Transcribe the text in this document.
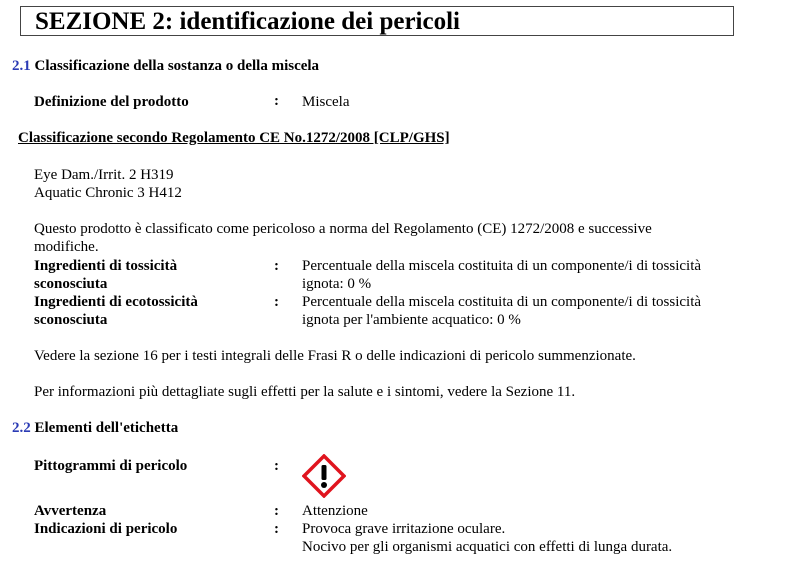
SEZIONE 2: identificazione dei pericoli
2.1 Classificazione della sostanza o della miscela
Definizione del prodotto	: Miscela
Classificazione secondo Regolamento CE No.1272/2008 [CLP/GHS]
Eye Dam./Irrit. 2 H319
Aquatic Chronic 3 H412
Questo prodotto è classificato come pericoloso a norma del Regolamento (CE) 1272/2008 e successive
modifiche.
Ingredienti di tossicità
sconosciuta
: Percentuale della miscela costituita di un componente/i di tossicità
ignota: 0 %
Ingredienti di ecotossicità
sconosciuta
: Percentuale della miscela costituita di un componente/i di tossicità
ignota per l'ambiente acquatico: 0 %
Vedere la sezione 16 per i testi integrali delle Frasi R o delle indicazioni di pericolo summenzionate.
Per informazioni più dettagliate sugli effetti per la salute e i sintomi, vedere la Sezione 11.
2.2 Elementi dell'etichetta
Pittogrammi di pericolo	:
Avvertenza	: Attenzione
Indicazioni di pericolo	: Provoca grave irritazione oculare.
Nocivo per gli organismi acquatici con effetti di lunga durata.
